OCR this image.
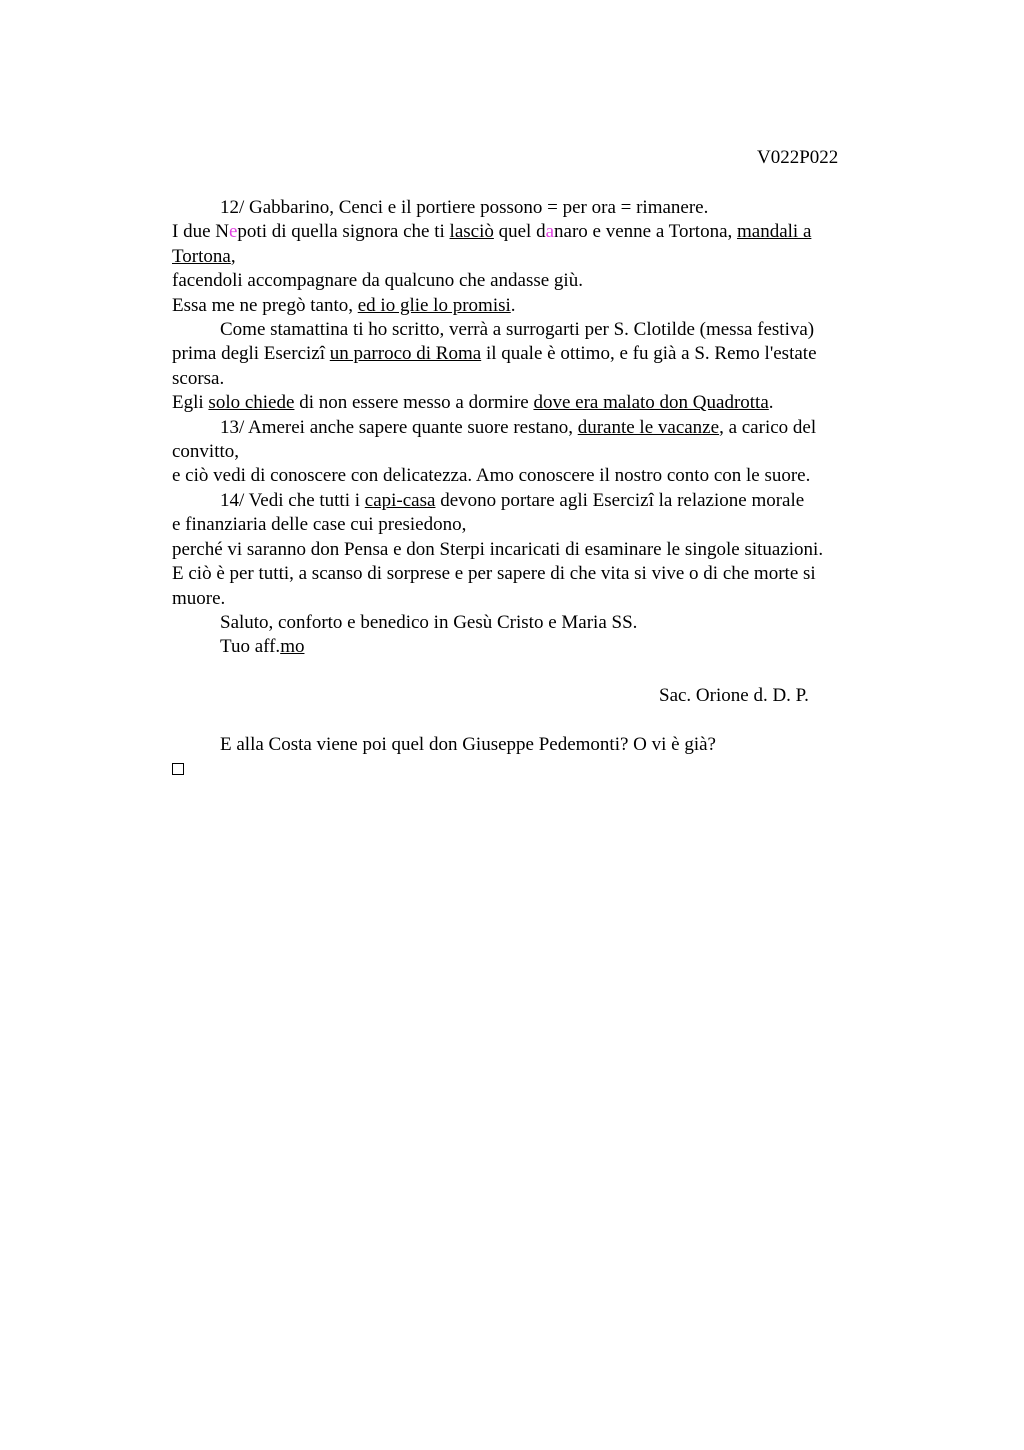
V022P022

12/ Gabbarino, Cenci e il portiere possono = per ora = rimanere.

I due Nepoti di quella signora che ti lasciò quel danaro e venne a Tortona, mandali a

Tortona,

facendoli accompagnare da qualcuno che andasse giù.

Essa me ne pregò tanto, ed io glie lo promisi.

Come stamattina ti ho scritto, verrà a surrogarti per S. Clotilde (messa festiva)

prima degli Esercizi un parroco di Roma il quale è ottimo, e fu già a S. Remo l'estate

scorsa.

Egli solo chiede di non essere messo a dormire dove era malato don Quadrotta.

13/ Amerei anche sapere quante suore restano, durante le vacanze, a carico del

convitto,

e ciò vedi di conoscere con delicatezza. Amo conoscere il nostro conto con le suore.

14/ Vedi che tutti i capi-casa devono portare agli Esercizi la relazione morale

e finanziaria delle case cui presiedono,

perché vi saranno don Pensa e don Sterpi incaricati di esaminare le singole situazioni.

E ciò è per tutti, a scanso di sorprese e per sapere di che vita si vive o di che morte si

muore.

Saluto, conforto e benedico in Gesù Cristo e Maria SS.

Tuo aff.mo

Sac. Orione d. D. P.

E alla Costa viene poi quel don Giuseppe Pedemonti? O vi è già?
